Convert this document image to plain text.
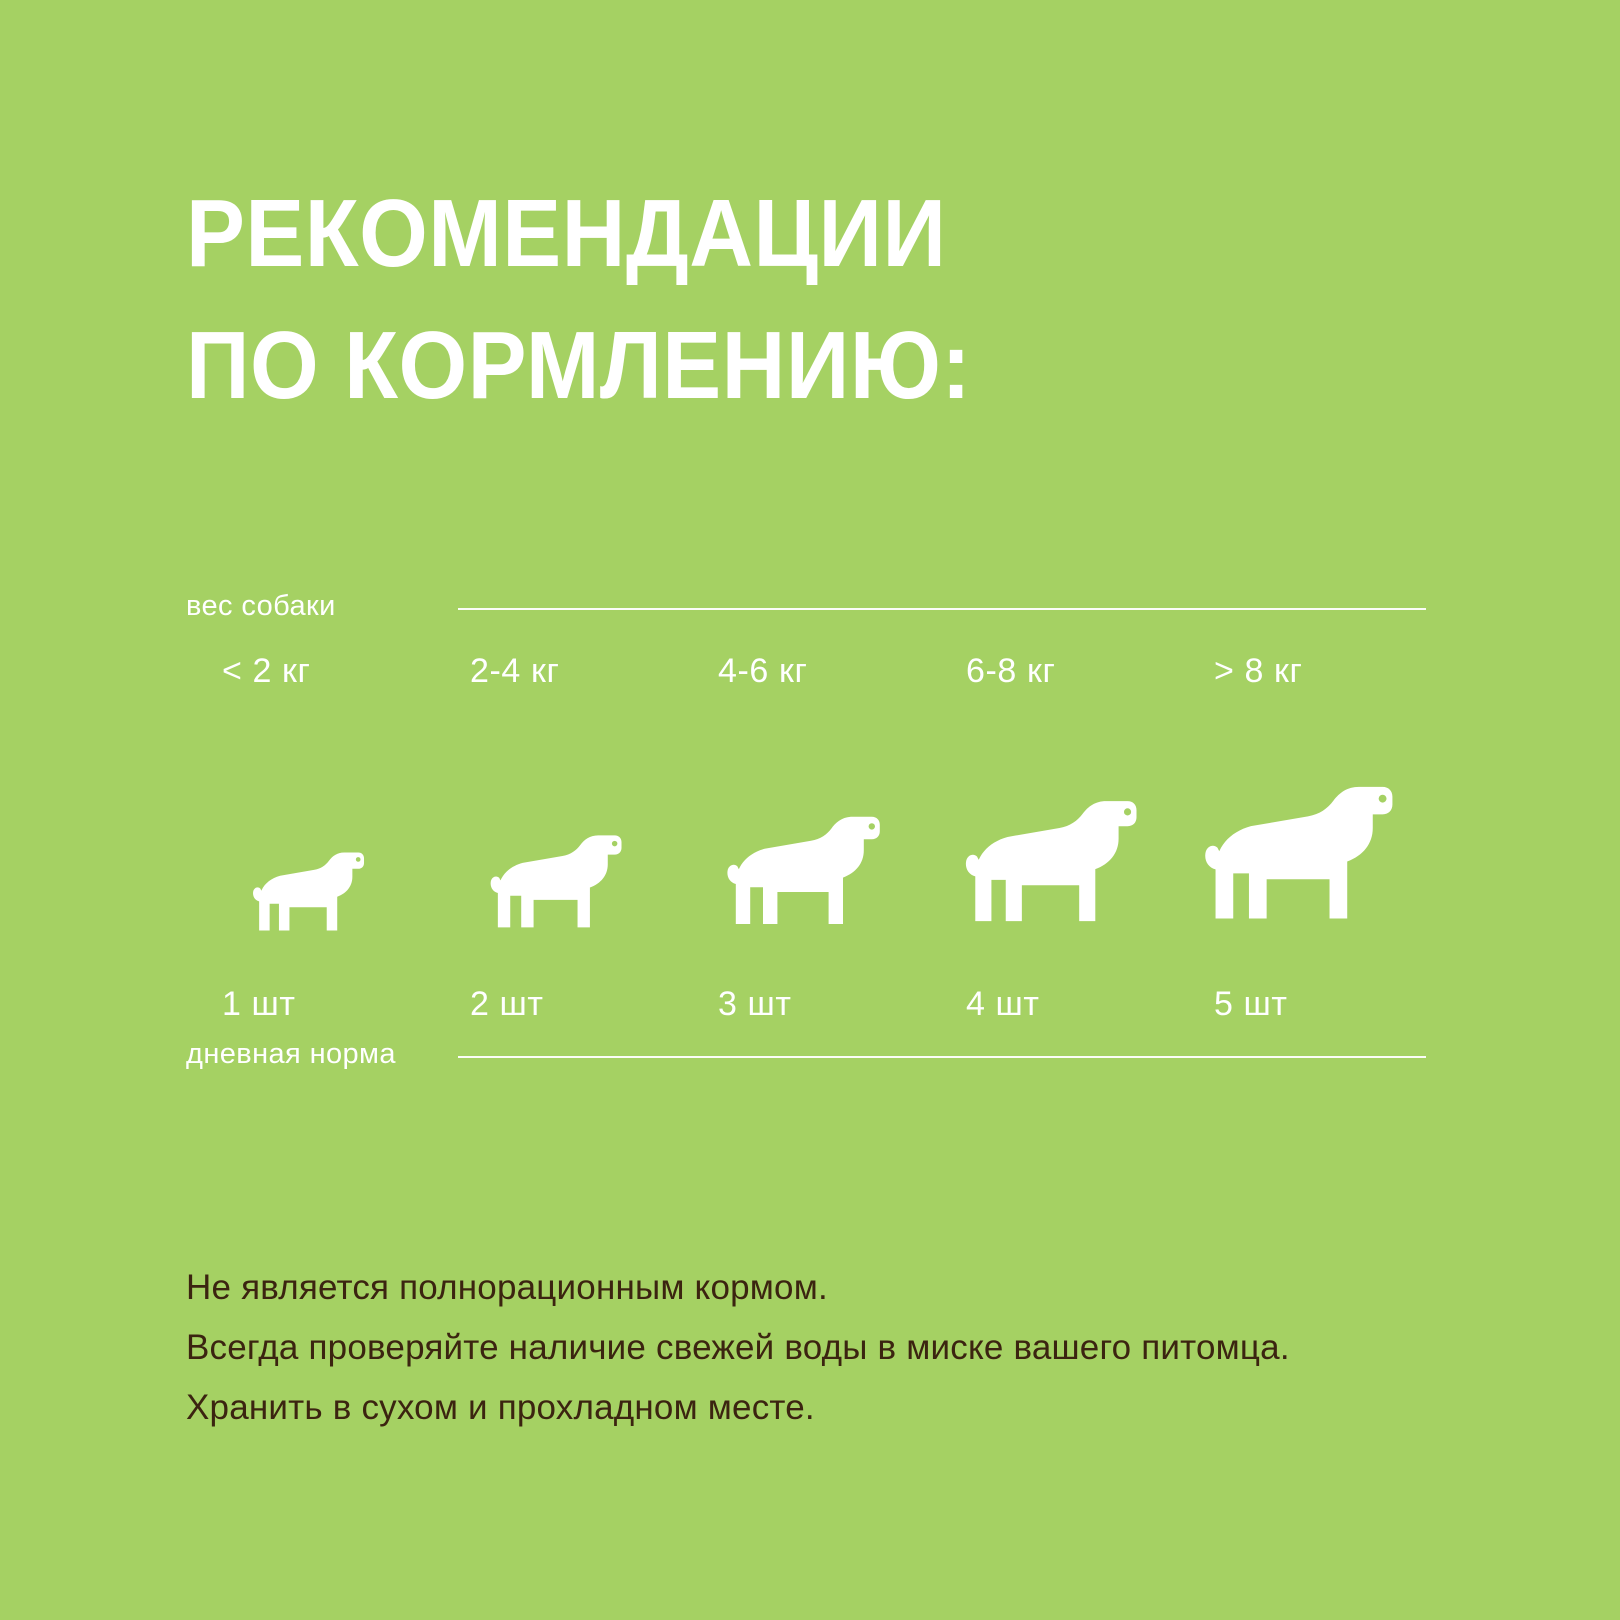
РЕКОМЕНДАЦИИ
ПО КОРМЛЕНИЮ:
вес собаки
< 2 кг
1 шт
2-4 кг
2 шт
4-6 кг
3 шт
6-8 кг
4 шт
> 8 кг
5 шт
дневная норма
Не является полнорационным кормом.
Всегда проверяйте наличие свежей воды в миске вашего питомца.
Хранить в сухом и прохладном месте.
